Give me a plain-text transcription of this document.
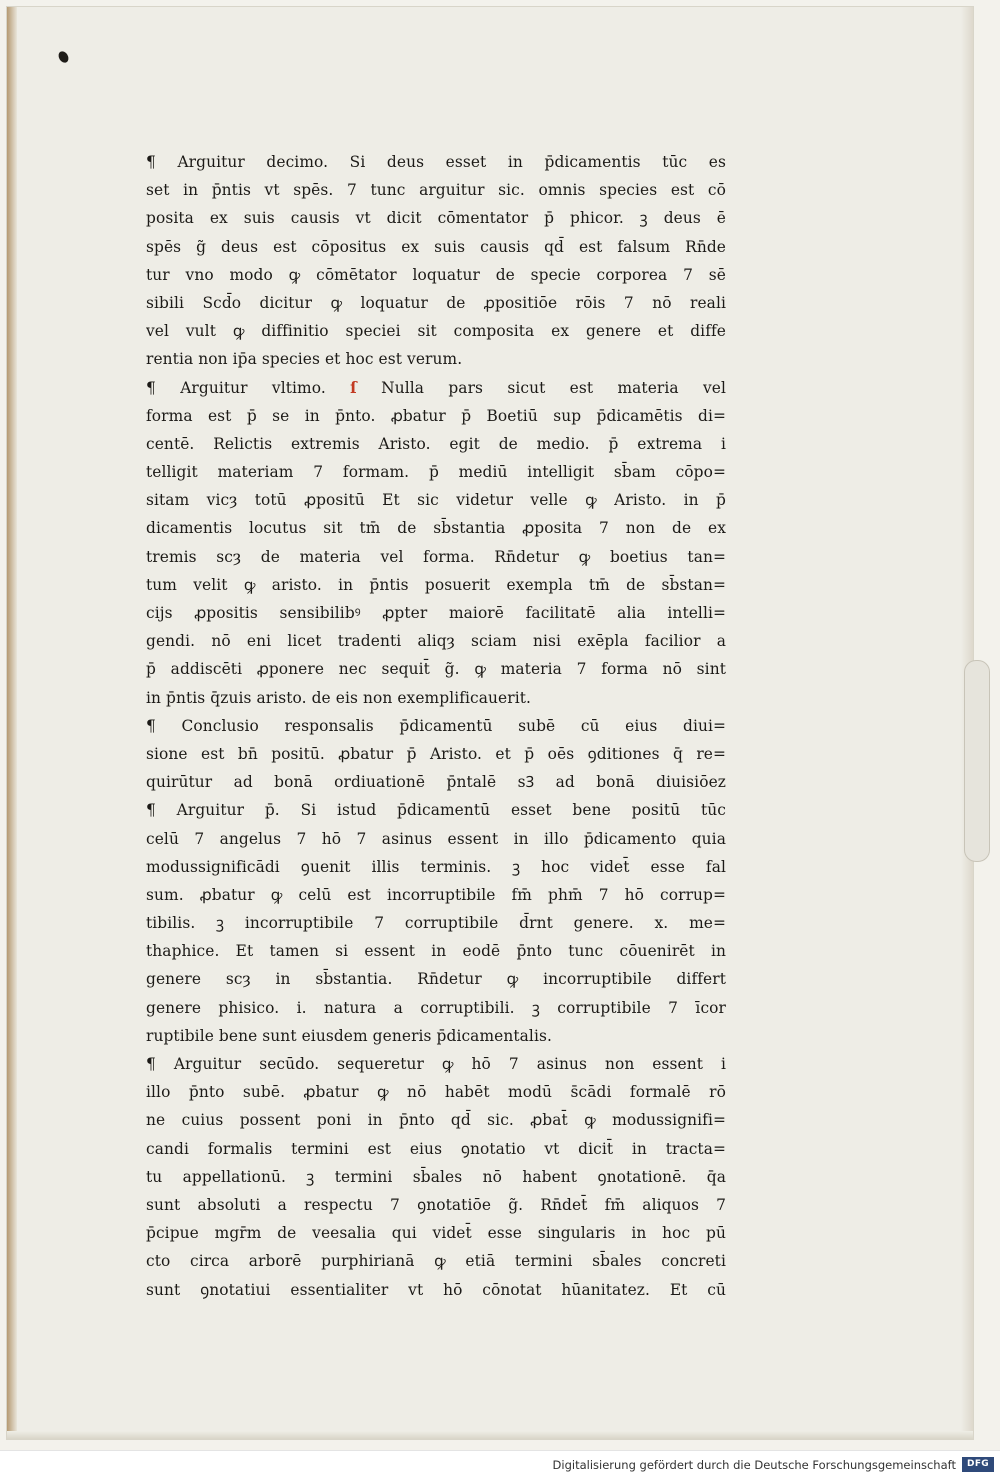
¶ Arguitur decimo. Si deus esset in p̄dicamentis tūc es
set in p̄ntis vt spēs. 7 tunc arguitur sic. omnis species est cō
posita ex suis causis vt dicit cōmentator p̄ phicor. ꝫ deus ē
spēs g̃ deus est cōpositus ex suis causis qd̄ est falsum Rn̄de
tur vno modo ꝙ cōmētator loquatur de specie corporea 7 sē
sibili Scd̄o dicitur ꝙ loquatur de ꝓpositiōe rōis 7 nō reali
vel vult ꝙ diffinitio speciei sit composita ex genere et diffe
rentia non ip̄a species et hoc est verum.
¶ Arguitur vltimo. ſ Nulla pars sicut est materia vel
forma est p̄ se in p̄nto. ꝓbatur p̄ Boetiū sup p̄dicamētis di=
centē. Relictis extremis Aristo. egit de medio. p̄ extrema i
telligit materiam 7 formam. p̄ mediū intelligit sb̄am cōpo=
sitam vicȝ totū ꝓpositū Et sic videtur velle ꝙ Aristo. in p̄
dicamentis locutus sit tm̄ de sb̄stantia ꝓposita 7 non de ex
tremis scȝ de materia vel forma. Rn̄detur ꝙ boetius tan=
tum velit ꝙ aristo. in p̄ntis posuerit exempla tm̄ de sb̄stan=
cijs ꝓpositis sensibilibꝰ ꝓpter maiorē facilitatē alia intelli=
gendi. nō eni licet tradenti aliqȝ sciam nisi exēpla facilior a
p̄ addiscēti ꝓponere nec sequit̄ g̃. ꝙ materia 7 forma nō sint
in p̄ntis q̄zuis aristo. de eis non exemplificauerit.
¶ Conclusio responsalis p̄dicamentū subē cū eius diui=
sione est bn̄ positū. ꝓbatur p̄ Aristo. et p̄ oēs ꝯditiones q̄ re=
quirūtur ad bonā ordiuationē p̄ntalē sꝪ ad bonā diuisiōez
¶ Arguitur p̄. Si istud p̄dicamentū esset bene positū tūc
celū 7 angelus 7 hō 7 asinus essent in illo p̄dicamento quia
modussignificādi ꝯuenit illis terminis. ꝫ hoc videt̄ esse fal
sum. ꝓbatur ꝙ celū est incorruptibile fm̄ phm̄ 7 hō corrup=
tibilis. ꝫ incorruptibile 7 corruptibile d̄rnt genere. x. me=
thaphice. Et tamen si essent in eodē p̄nto tunc cōuenirēt in
genere scȝ in sb̄stantia. Rn̄detur ꝙ incorruptibile differt
genere phisico. i. natura a corruptibili. ꝫ corruptibile 7 īcor
ruptibile bene sunt eiusdem generis p̄dicamentalis.
¶ Arguitur secūdo. sequeretur ꝙ hō 7 asinus non essent i
illo p̄nto subē. ꝓbatur ꝙ nō habēt modū s̄cādi formalē rō
ne cuius possent poni in p̄nto qd̄ sic. ꝓbat̄ ꝙ modussignifi=
candi formalis termini est eius ꝯnotatio vt dicit̄ in tracta=
tu appellationū. ꝫ termini sb̄ales nō habent ꝯnotationē. q̄a
sunt absoluti a respectu 7 ꝯnotatiōe g̃. Rn̄det̄ fm̄ aliquos 7
p̄cipue mgr̄m de veesalia qui videt̄ esse singularis in hoc pū
cto circa arborē purphirianā ꝙ etiā termini sb̄ales concreti
sunt ꝯnotatiui essentialiter vt hō cōnotat hūanitatez. Et cū
Digitalisierung gefördert durch die Deutsche Forschungsgemeinschaft	DFG
